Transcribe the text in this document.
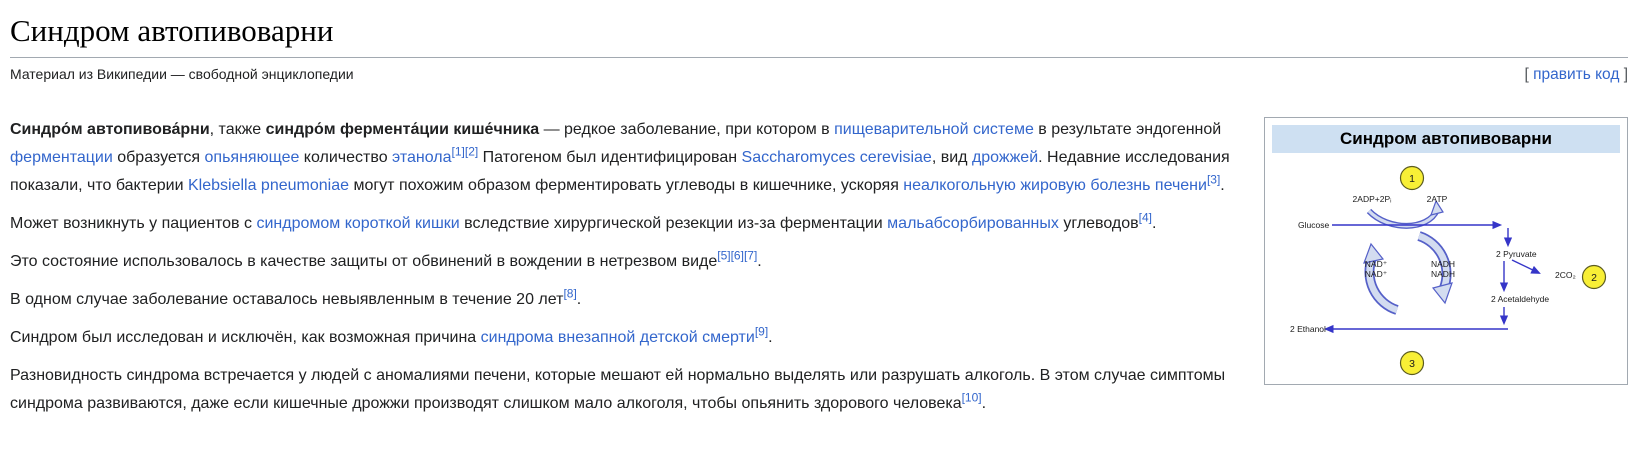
Синдром автопивоварни
Материал из Википедии — свободной энциклопедии	[ править код ]
Синдром автопивоварни
Glucose
2ADP+2Pᵢ	2ATP
2 Pyruvate
2CO₂
2 Acetaldehyde
2 Ethanol
NAD⁺
NAD⁺
NADH
NADH
1
2
3

Синдро́м автопивова́рни, также синдро́м фермента́ции кише́чника — редкое заболевание, при котором в пищеварительной системе в результате эндогенной ферментации образуется опьяняющее количество этанола[1][2] Патогеном был идентифицирован Saccharomyces cerevisiae, вид дрожжей. Недавние исследования показали, что бактерии Klebsiella pneumoniae могут похожим образом ферментировать углеводы в кишечнике, ускоряя неалкогольную жировую болезнь печени[3].

Может возникнуть у пациентов с синдромом короткой кишки вследствие хирургической резекции из-за ферментации мальабсорбированных углеводов[4].

Это состояние использовалось в качестве защиты от обвинений в вождении в нетрезвом виде[5][6][7].

В одном случае заболевание оставалось невыявленным в течение 20 лет[8].

Синдром был исследован и исключён, как возможная причина синдрома внезапной детской смерти[9].

Разновидность синдрома встречается у людей с аномалиями печени, которые мешают ей нормально выделять или разрушать алкоголь. В этом случае симптомы синдрома развиваются, даже если кишечные дрожжи производят слишком мало алкоголя, чтобы опьянить здорового человека[10].
